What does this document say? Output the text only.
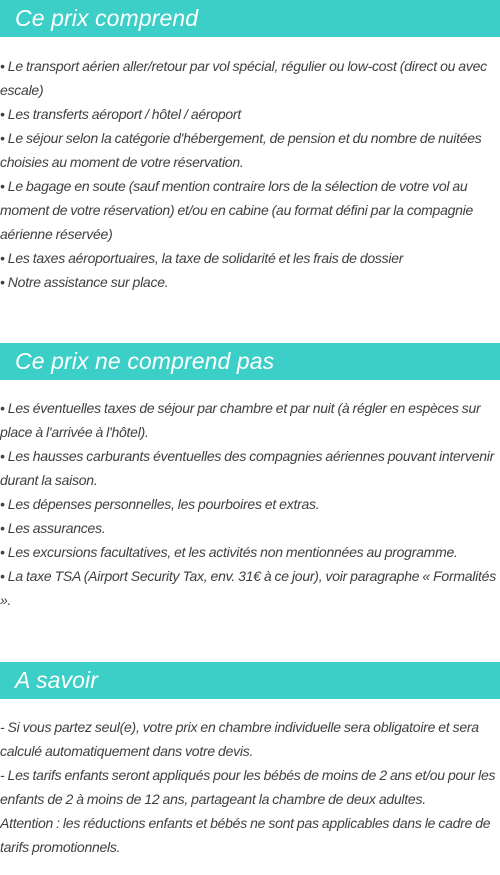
Ce prix comprend
• Le transport aérien aller/retour par vol spécial, régulier ou low-cost (direct ou avec escale)
• Les transferts aéroport / hôtel / aéroport
• Le séjour selon la catégorie d'hébergement, de pension et du nombre de nuitées choisies au moment de votre réservation.
• Le bagage en soute (sauf mention contraire lors de la sélection de votre vol au moment de votre réservation) et/ou en cabine (au format défini par la compagnie aérienne réservée)
• Les taxes aéroportuaires, la taxe de solidarité et les frais de dossier
• Notre assistance sur place.
Ce prix ne comprend pas
• Les éventuelles taxes de séjour par chambre et par nuit (à régler en espèces sur place à l'arrivée à l'hôtel).
• Les hausses carburants éventuelles des compagnies aériennes pouvant intervenir durant la saison.
• Les dépenses personnelles, les pourboires et extras.
• Les assurances.
• Les excursions facultatives, et les activités non mentionnées au programme.
• La taxe TSA (Airport Security Tax, env. 31€ à ce jour), voir paragraphe « Formalités ».
A savoir
- Si vous partez seul(e), votre prix en chambre individuelle sera obligatoire et sera calculé automatiquement dans votre devis.
- Les tarifs enfants seront appliqués pour les bébés de moins de 2 ans et/ou pour les enfants de 2 à moins de 12 ans, partageant la chambre de deux adultes.
Attention : les réductions enfants et bébés ne sont pas applicables dans le cadre de tarifs promotionnels.
